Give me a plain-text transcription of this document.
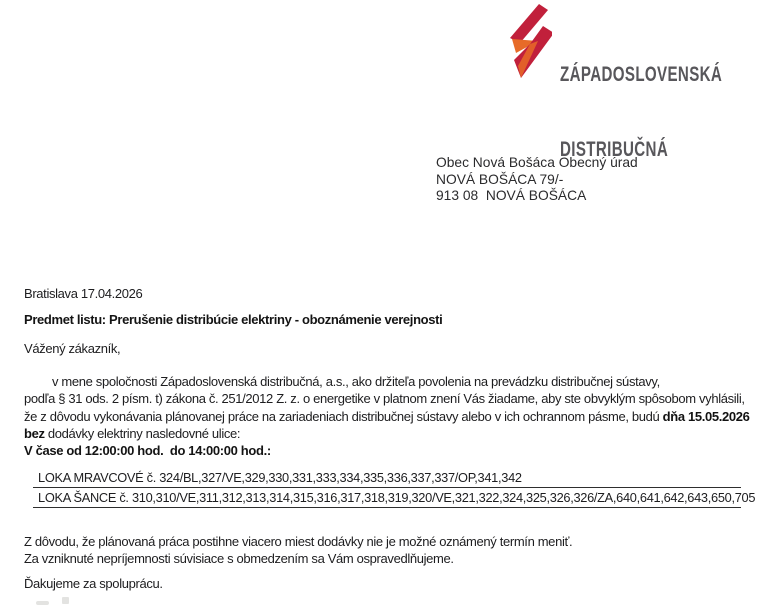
ZÁPADOSLOVENSKÁ

DISTRIBUČNÁ

Obec Nová Bošáca Obecný úrad
NOVÁ BOŠÁCA 79/-
913 08  NOVÁ BOŠÁCA
Bratislava 17.04.2026
Predmet listu: Prerušenie distribúcie elektriny - oboznámenie verejnosti
Vážený zákazník,
v mene spoločnosti Západoslovenská distribučná, a.s., ako držiteľa povolenia na prevádzku distribučnej sústavy,
podľa § 31 ods. 2 písm. t) zákona č. 251/2012 Z. z. o energetike v platnom znení Vás žiadame, aby ste obvyklým spôsobom vyhlásili,
že z dôvodu vykonávania plánovanej práce na zariadeniach distribučnej sústavy alebo v ich ochrannom pásme, budú dňa 15.05.2026
bez dodávky elektriny nasledovné ulice:
V čase od 12:00:00 hod.  do 14:00:00 hod.:
LOKA MRAVCOVÉ č. 324/BL,327/VE,329,330,331,333,334,335,336,337,337/OP,341,342
LOKA ŠANCE č. 310,310/VE,311,312,313,314,315,316,317,318,319,320/VE,321,322,324,325,326,326/ZA,640,641,642,643,650,705
Z dôvodu, že plánovaná práca postihne viacero miest dodávky nie je možné oznámený termín meniť.
Za vzniknuté nepríjemnosti súvisiace s obmedzením sa Vám ospravedlňujeme.
Ďakujeme za spoluprácu.
